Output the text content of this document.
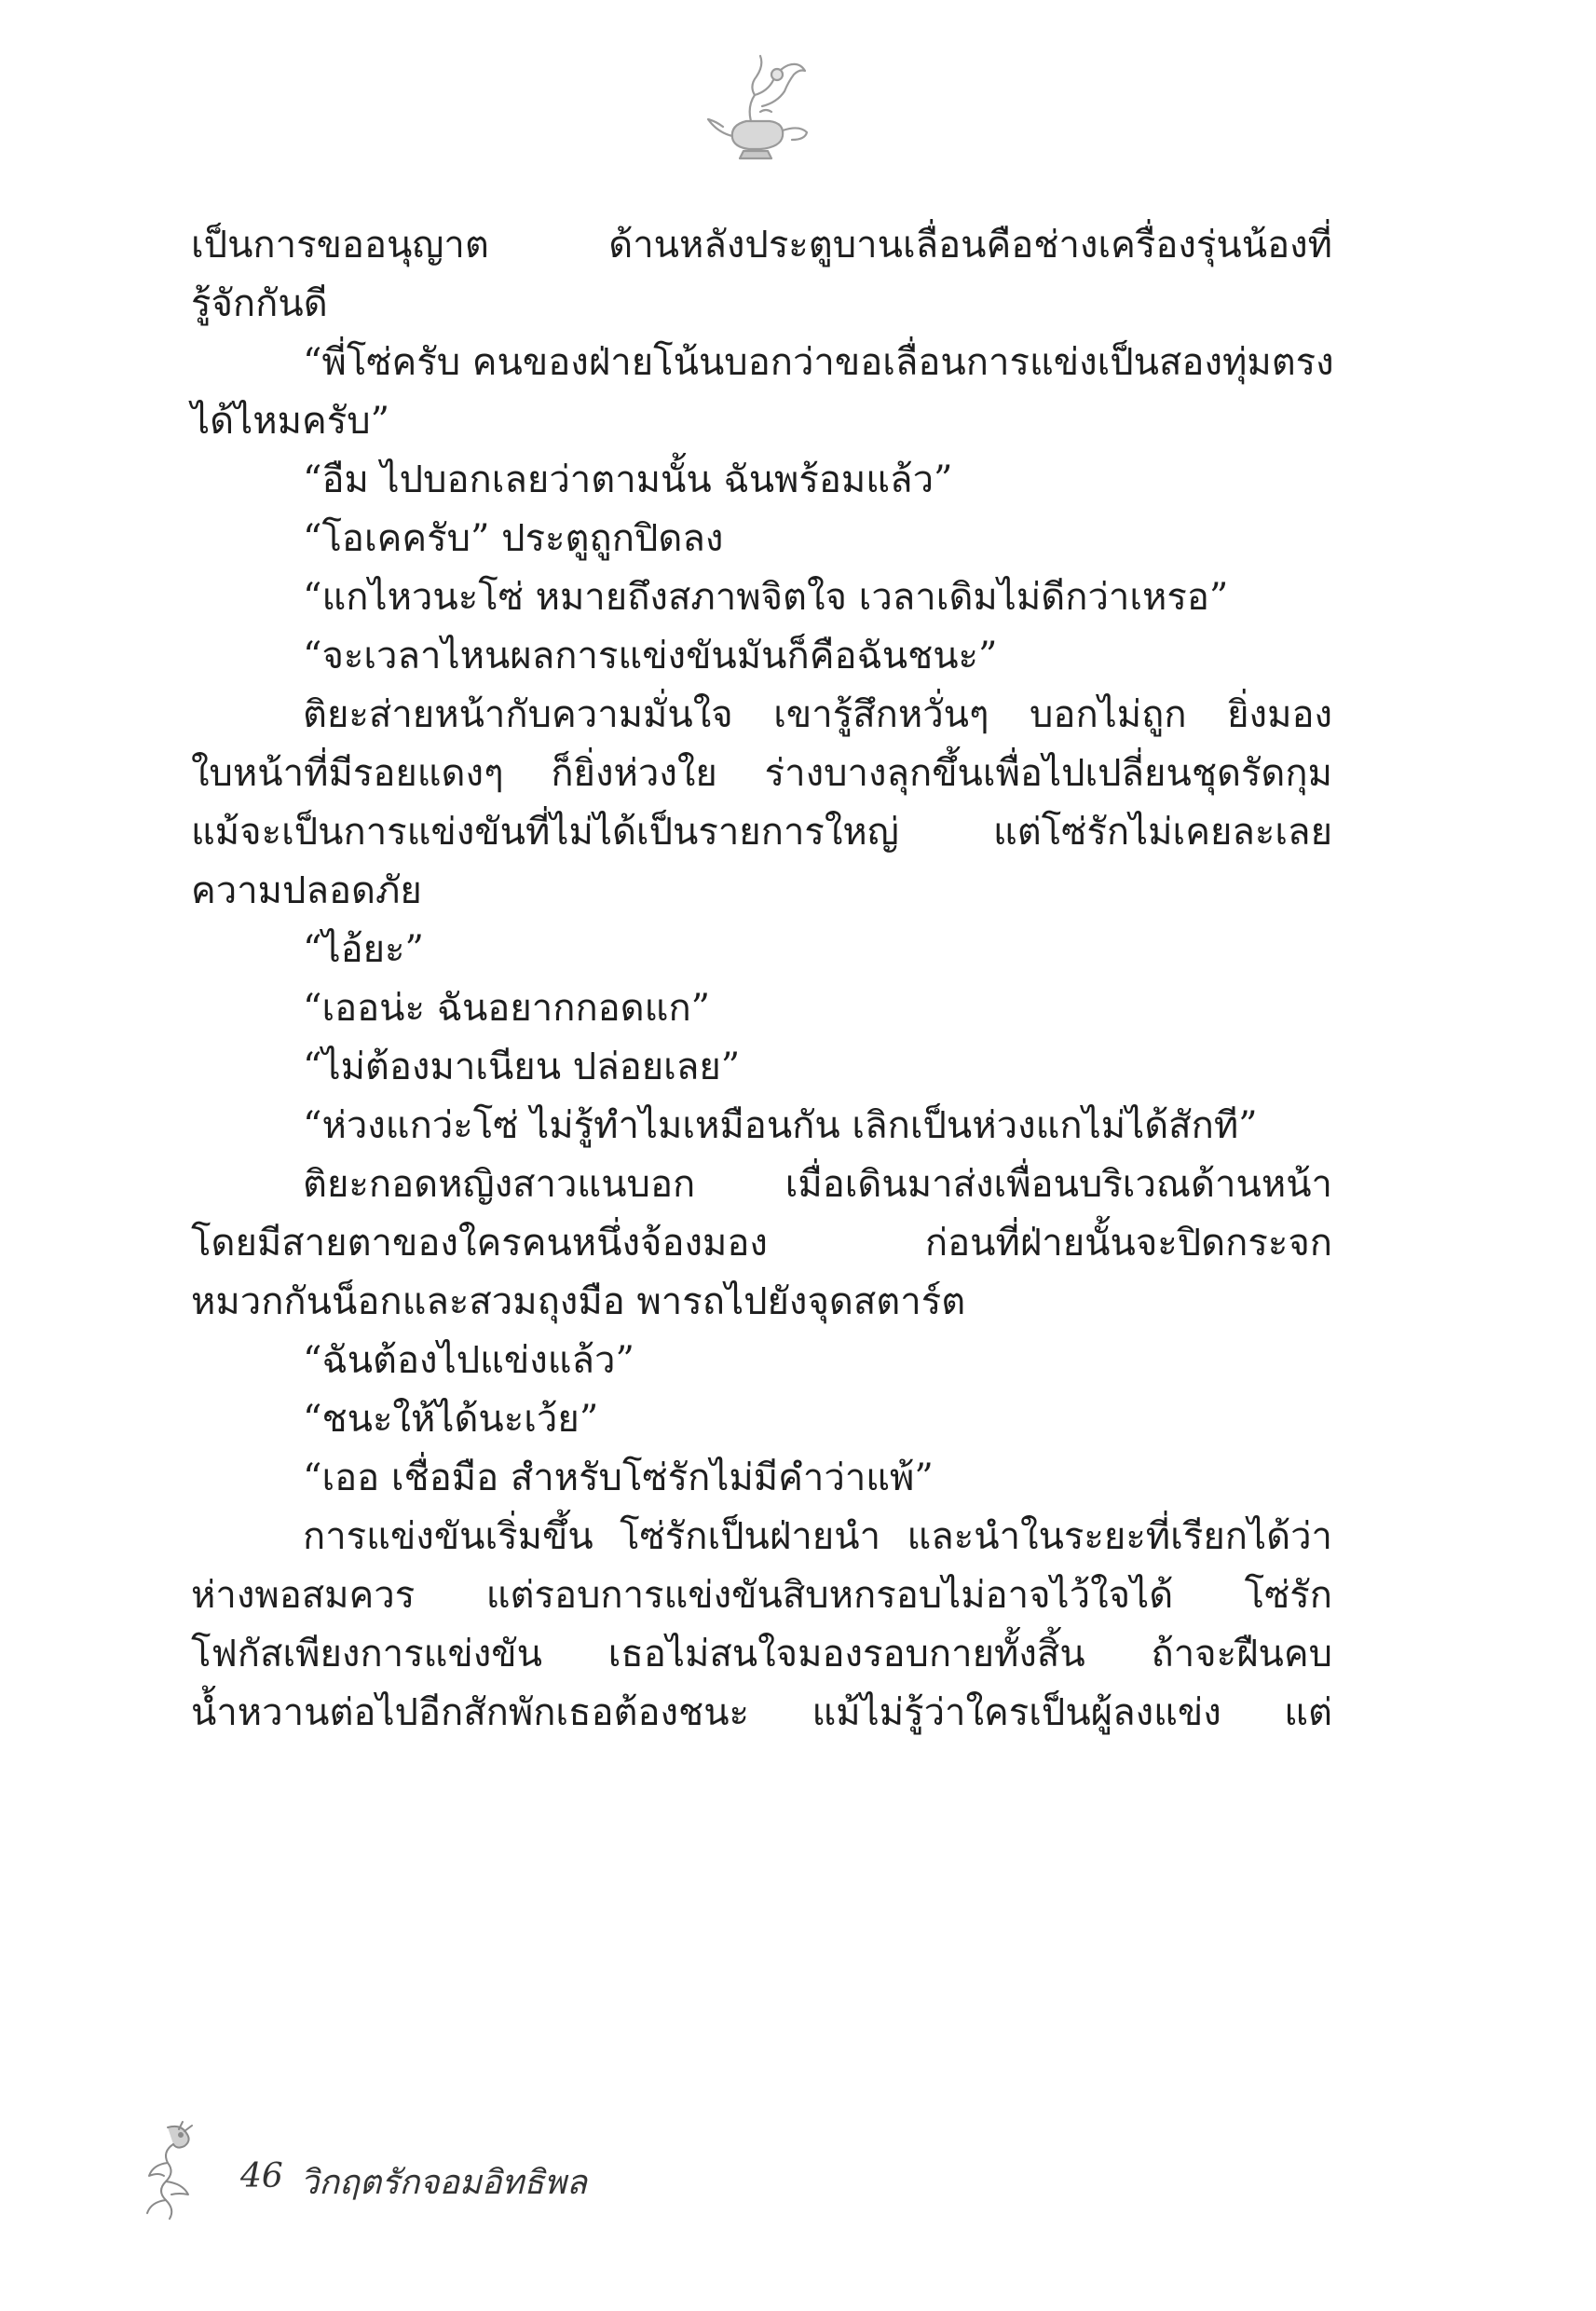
เป็นการขออนุญาต ด้านหลังประตูบานเลื่อนคือช่างเครื่องรุ่นน้องที่
รู้จักกันดี
“พี่โซ่ครับ คนของฝ่ายโน้นบอกว่าขอเลื่อนการแข่งเป็นสองทุ่มตรง
ได้ไหมครับ”
“อืม ไปบอกเลยว่าตามนั้น ฉันพร้อมแล้ว”
“โอเคครับ” ประตูถูกปิดลง
“แกไหวนะโซ่ หมายถึงสภาพจิตใจ เวลาเดิมไม่ดีกว่าเหรอ”
“จะเวลาไหนผลการแข่งขันมันก็คือฉันชนะ”
ติยะส่ายหน้ากับความมั่นใจ เขารู้สึกหวั่นๆ บอกไม่ถูก ยิ่งมอง
ใบหน้าที่มีรอยแดงๆ ก็ยิ่งห่วงใย ร่างบางลุกขึ้นเพื่อไปเปลี่ยนชุดรัดกุม
แม้จะเป็นการแข่งขันที่ไม่ได้เป็นรายการใหญ่ แต่โซ่รักไม่เคยละเลย
ความปลอดภัย
“ไอ้ยะ”
“เออน่ะ ฉันอยากกอดแก”
“ไม่ต้องมาเนียน ปล่อยเลย”
“ห่วงแกว่ะโซ่ ไม่รู้ทำไมเหมือนกัน เลิกเป็นห่วงแกไม่ได้สักที”
ติยะกอดหญิงสาวแนบอก เมื่อเดินมาส่งเพื่อนบริเวณด้านหน้า
โดยมีสายตาของใครคนหนึ่งจ้องมอง ก่อนที่ฝ่ายนั้นจะปิดกระจก
หมวกกันน็อกและสวมถุงมือ พารถไปยังจุดสตาร์ต
“ฉันต้องไปแข่งแล้ว”
“ชนะให้ได้นะเว้ย”
“เออ เชื่อมือ สำหรับโซ่รักไม่มีคำว่าแพ้”
การแข่งขันเริ่มขึ้น โซ่รักเป็นฝ่ายนำ และนำในระยะที่เรียกได้ว่า
ห่างพอสมควร แต่รอบการแข่งขันสิบหกรอบไม่อาจไว้ใจได้ โซ่รัก
โฟกัสเพียงการแข่งขัน เธอไม่สนใจมองรอบกายทั้งสิ้น ถ้าจะฝืนคบ
น้ำหวานต่อไปอีกสักพักเธอต้องชนะ แม้ไม่รู้ว่าใครเป็นผู้ลงแข่ง แต่
46 วิกฤตรักจอมอิทธิพล
